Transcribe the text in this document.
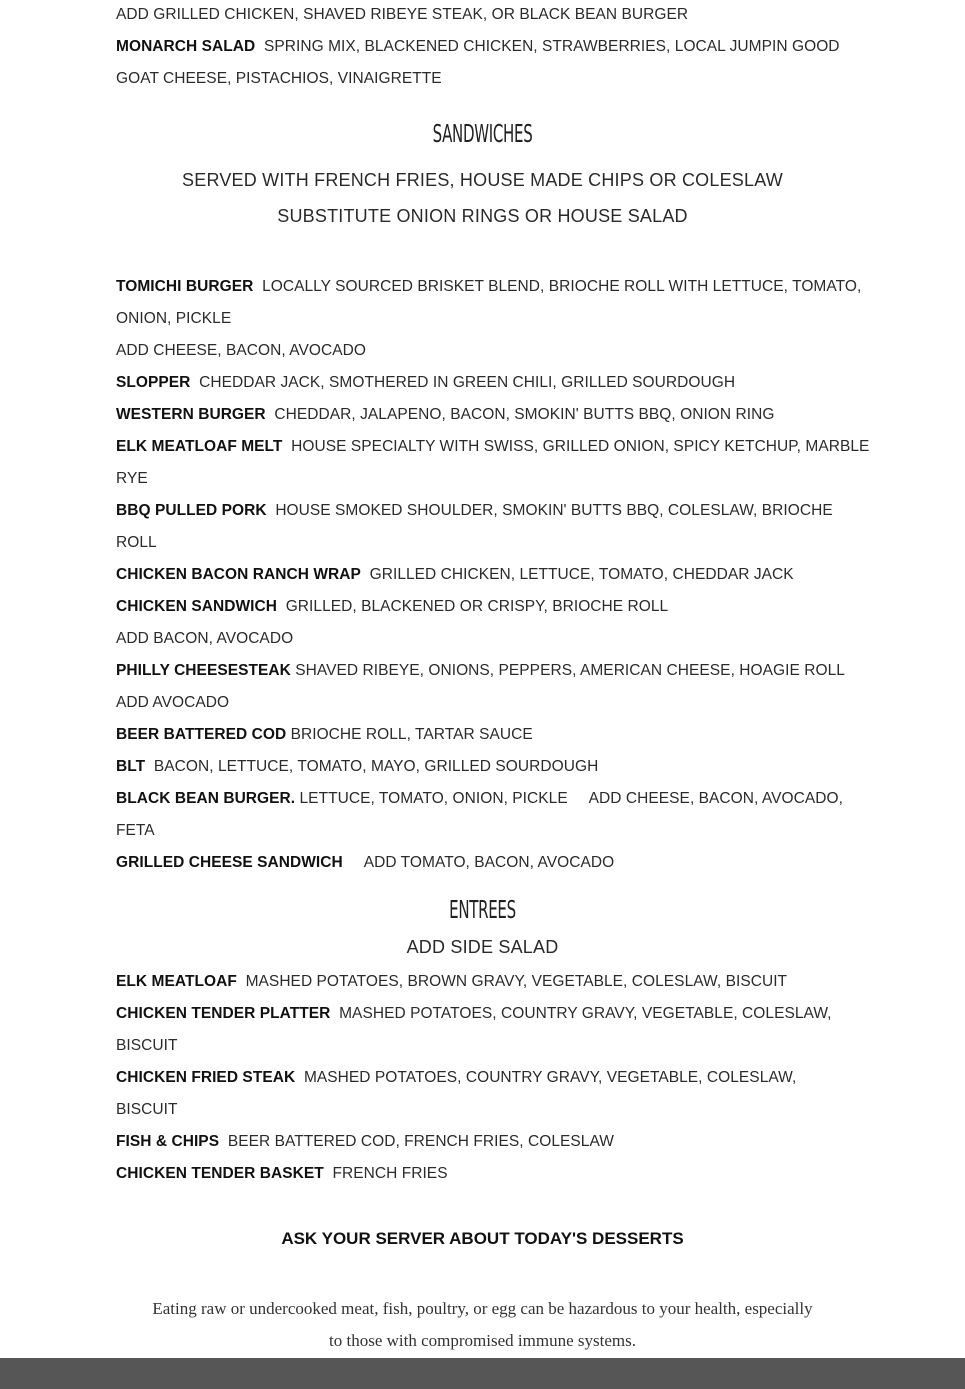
ADD GRILLED CHICKEN, SHAVED RIBEYE STEAK, OR BLACK BEAN BURGER
MONARCH SALAD SPRING MIX, BLACKENED CHICKEN, STRAWBERRIES, LOCAL JUMPIN GOOD
GOAT CHEESE, PISTACHIOS, VINAIGRETTE
SANDWICHES
SERVED WITH FRENCH FRIES, HOUSE MADE CHIPS OR COLESLAW
SUBSTITUTE ONION RINGS OR HOUSE SALAD
TOMICHI BURGER LOCALLY SOURCED BRISKET BLEND, BRIOCHE ROLL WITH LETTUCE, TOMATO,
ONION, PICKLE
ADD CHEESE, BACON, AVOCADO
SLOPPER CHEDDAR JACK, SMOTHERED IN GREEN CHILI, GRILLED SOURDOUGH
WESTERN BURGER CHEDDAR, JALAPENO, BACON, SMOKIN' BUTTS BBQ, ONION RING
ELK MEATLOAF MELT HOUSE SPECIALTY WITH SWISS, GRILLED ONION, SPICY KETCHUP, MARBLE
RYE
BBQ PULLED PORK HOUSE SMOKED SHOULDER, SMOKIN' BUTTS BBQ, COLESLAW, BRIOCHE
ROLL
CHICKEN BACON RANCH WRAP GRILLED CHICKEN, LETTUCE, TOMATO, CHEDDAR JACK
CHICKEN SANDWICH GRILLED, BLACKENED OR CRISPY, BRIOCHE ROLL
ADD BACON, AVOCADO
PHILLY CHEESESTEAK SHAVED RIBEYE, ONIONS, PEPPERS, AMERICAN CHEESE, HOAGIE ROLL
ADD AVOCADO
BEER BATTERED COD BRIOCHE ROLL, TARTAR SAUCE
BLT BACON, LETTUCE, TOMATO, MAYO, GRILLED SOURDOUGH
BLACK BEAN BURGER. LETTUCE, TOMATO, ONION, PICKLE ADD CHEESE, BACON, AVOCADO,
FETA
GRILLED CHEESE SANDWICH ADD TOMATO, BACON, AVOCADO
ENTREES
ADD SIDE SALAD
ELK MEATLOAF MASHED POTATOES, BROWN GRAVY, VEGETABLE, COLESLAW, BISCUIT
CHICKEN TENDER PLATTER MASHED POTATOES, COUNTRY GRAVY, VEGETABLE, COLESLAW,
BISCUIT
CHICKEN FRIED STEAK MASHED POTATOES, COUNTRY GRAVY, VEGETABLE, COLESLAW,
BISCUIT
FISH & CHIPS BEER BATTERED COD, FRENCH FRIES, COLESLAW
CHICKEN TENDER BASKET FRENCH FRIES
ASK YOUR SERVER ABOUT TODAY'S DESSERTS
Eating raw or undercooked meat, fish, poultry, or egg can be hazardous to your health, especially
to those with compromised immune systems.
